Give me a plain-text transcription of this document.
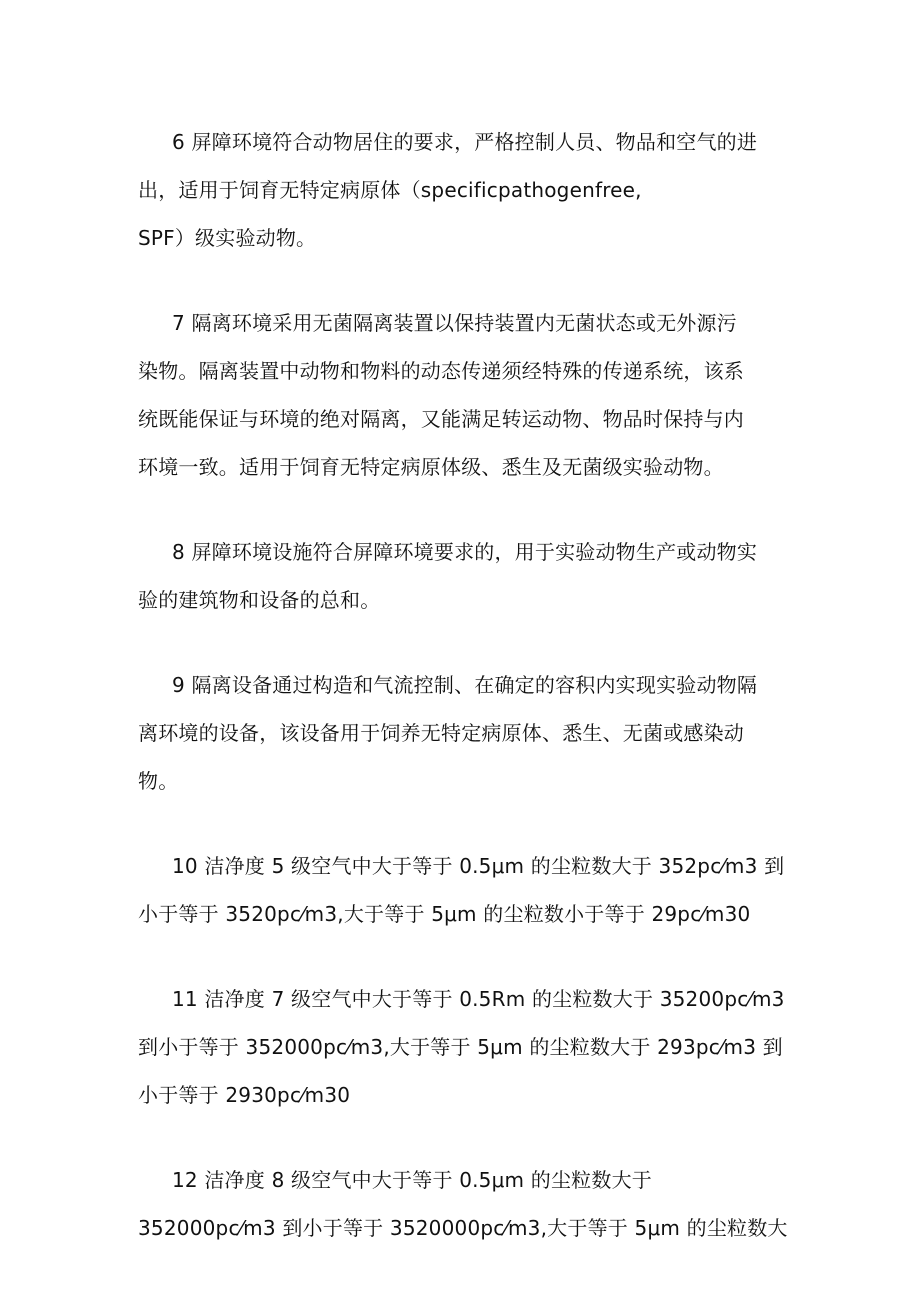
6 屏障环境符合动物居住的要求，严格控制人员、物品和空气的进
出，适用于饲育无特定病原体（specificpathogenfree,
SPF）级实验动物。

7 隔离环境采用无菌隔离装置以保持装置内无菌状态或无外源污
染物。隔离装置中动物和物料的动态传递须经特殊的传递系统，该系
统既能保证与环境的绝对隔离，又能满足转运动物、物品时保持与内
环境一致。适用于饲育无特定病原体级、悉生及无菌级实验动物。

8 屏障环境设施符合屏障环境要求的，用于实验动物生产或动物实
验的建筑物和设备的总和。

9 隔离设备通过构造和气流控制、在确定的容积内实现实验动物隔
离环境的设备，该设备用于饲养无特定病原体、悉生、无菌或感染动
物。

10 洁净度 5 级空气中大于等于 0.5μm 的尘粒数大于 352pc⁄m3 到
小于等于 3520pc⁄m3,大于等于 5μm 的尘粒数小于等于 29pc⁄m30

11 洁净度 7 级空气中大于等于 0.5Rm 的尘粒数大于 35200pc⁄m3
到小于等于 352000pc⁄m3,大于等于 5μm 的尘粒数大于 293pc⁄m3 到
小于等于 2930pc⁄m30

12 洁净度 8 级空气中大于等于 0.5μm 的尘粒数大于
352000pc⁄m3 到小于等于 3520000pc⁄m3,大于等于 5μm 的尘粒数大
